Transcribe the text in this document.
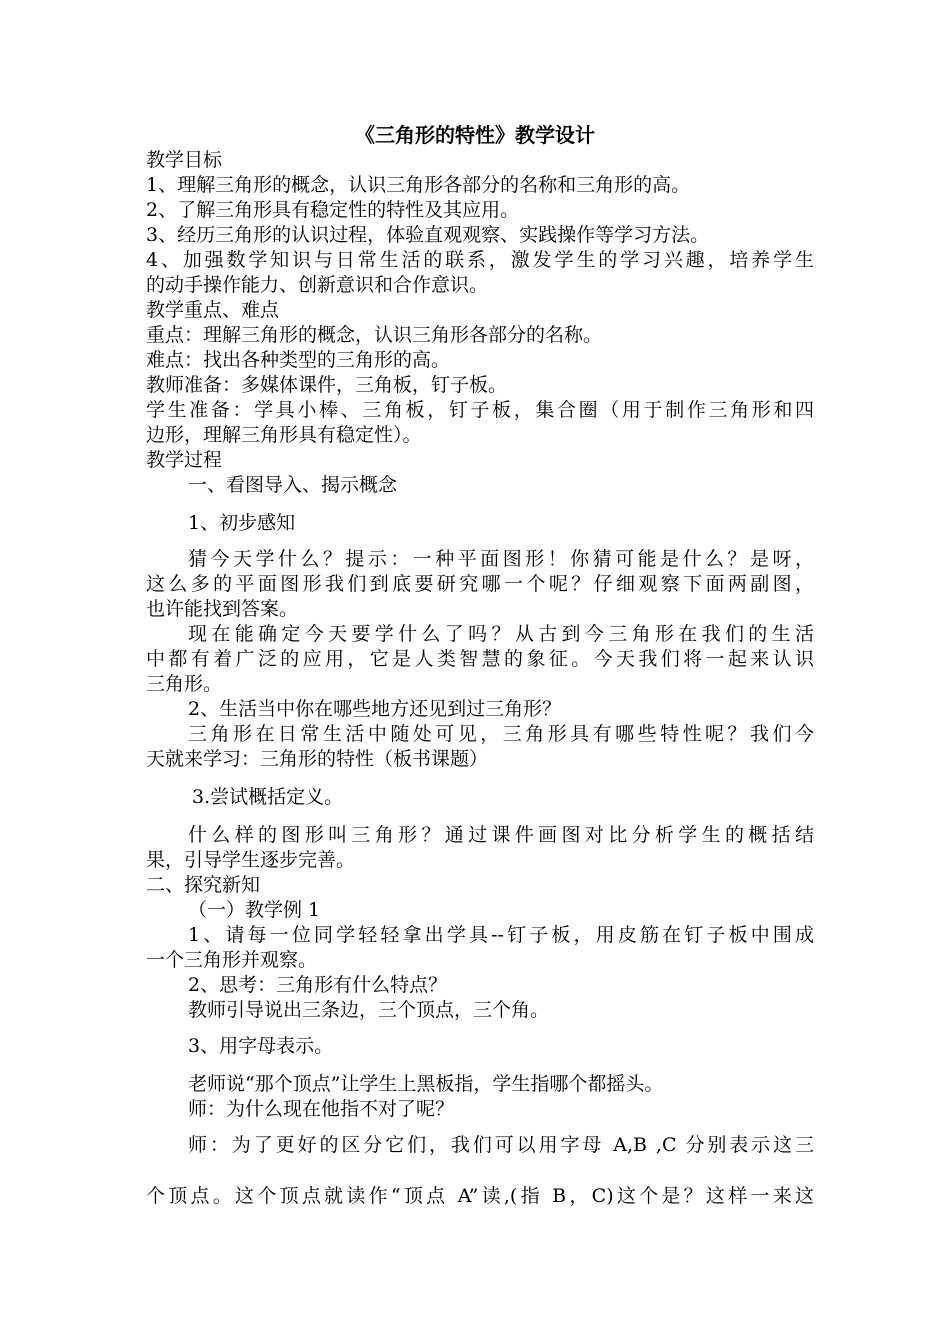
《三角形的特性》教学设计
教学目标
1、理解三角形的概念，认识三角形各部分的名称和三角形的高。
2、了解三角形具有稳定性的特性及其应用。
3、经历三角形的认识过程，体验直观观察、实践操作等学习方法。
4、加强数学知识与日常生活的联系，激发学生的学习兴趣，培养学生
的动手操作能力、创新意识和合作意识。
教学重点、难点
重点：理解三角形的概念，认识三角形各部分的名称。
难点：找出各种类型的三角形的高。
教师准备：多媒体课件，三角板，钉子板。
学生准备：学具小棒、三角板，钉子板，集合圈（用于制作三角形和四
边形，理解三角形具有稳定性）。
教学过程
一、看图导入、揭示概念
1、初步感知
猜今天学什么？提示：一种平面图形！你猜可能是什么？是呀，
这么多的平面图形我们到底要研究哪一个呢？仔细观察下面两副图，
也许能找到答案。
现在能确定今天要学什么了吗？从古到今三角形在我们的生活
中都有着广泛的应用，它是人类智慧的象征。今天我们将一起来认识
三角形。
2、生活当中你在哪些地方还见到过三角形？
三角形在日常生活中随处可见，三角形具有哪些特性呢？我们今
天就来学习：三角形的特性（板书课题）
3.尝试概括定义。
什么样的图形叫三角形？通过课件画图对比分析学生的概括结
果，引导学生逐步完善。
二、探究新知
（一）教学例 1
1、请每一位同学轻轻拿出学具--钉子板，用皮筋在钉子板中围成
一个三角形并观察。
2、思考：三角形有什么特点？
教师引导说出三条边，三个顶点，三个角。
3、用字母表示。
老师说“那个顶点”让学生上黑板指，学生指哪个都摇头。
师：为什么现在他指不对了呢？
师：为了更好的区分它们，我们可以用字母 A,B ,C 分别表示这三
个顶点。这个顶点就读作“顶点 A”读,(指 B，C)这个是？这样一来这
